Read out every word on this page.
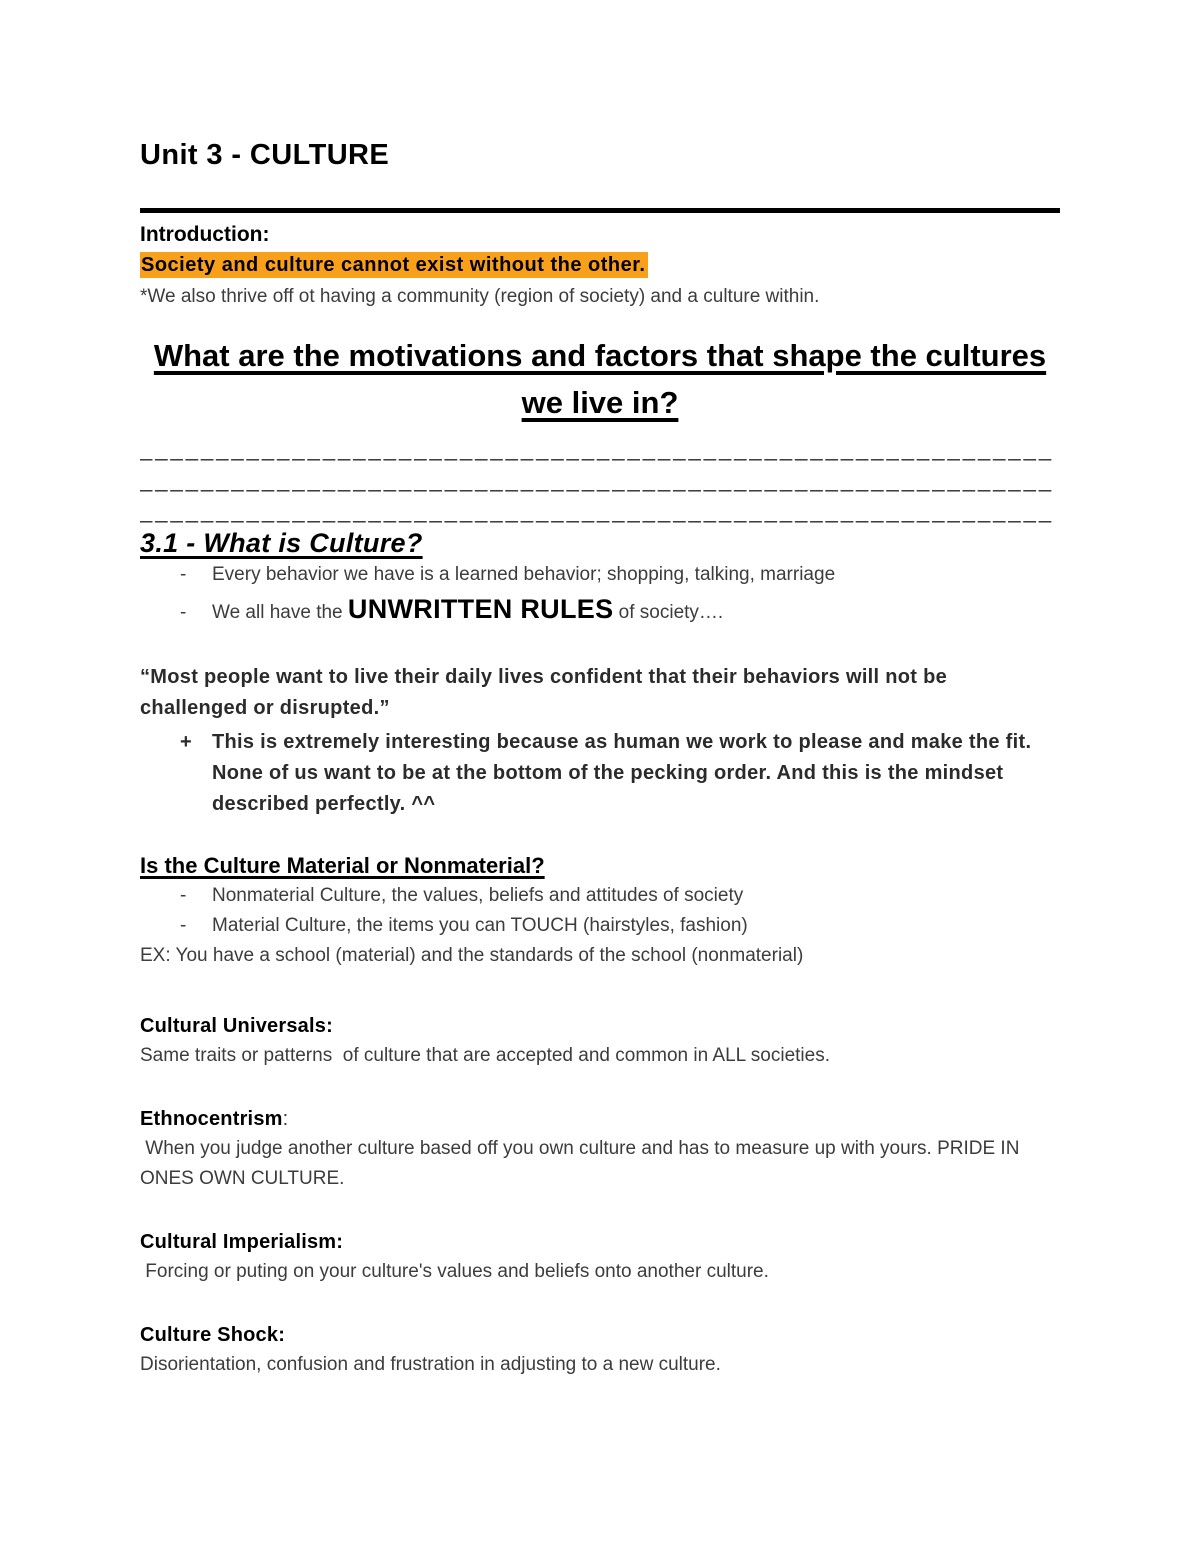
Unit 3 - CULTURE
Introduction:

Society and culture cannot exist without the other.

*We also thrive off ot having a community (region of society) and a culture within.

What are the motivations and factors that shape the cultures we live in?

____________________________________________________________

____________________________________________________________

____________________________________________________________

3.1 - What is Culture?
-	Every behavior we have is a learned behavior; shopping, talking, marriage
-	We all have the UNWRITTEN RULES of society….

“Most people want to live their daily lives confident that their behaviors will not be challenged or disrupted.”

+	This is extremely interesting because as human we work to please and make the fit. None of us want to be at the bottom of the pecking order. And this is the mindset described perfectly. ^^
Is the Culture Material or Nonmaterial?
-	Nonmaterial Culture, the values, beliefs and attitudes of society
-	Material Culture, the items you can TOUCH (hairstyles, fashion)

EX: You have a school (material) and the standards of the school (nonmaterial)

Cultural Universals:

Same traits or patterns  of culture that are accepted and common in ALL societies.

Ethnocentrism:

When you judge another culture based off you own culture and has to measure up with yours. PRIDE IN ONES OWN CULTURE.

Cultural Imperialism:

Forcing or puting on your culture's values and beliefs onto another culture.

Culture Shock:

Disorientation, confusion and frustration in adjusting to a new culture.
